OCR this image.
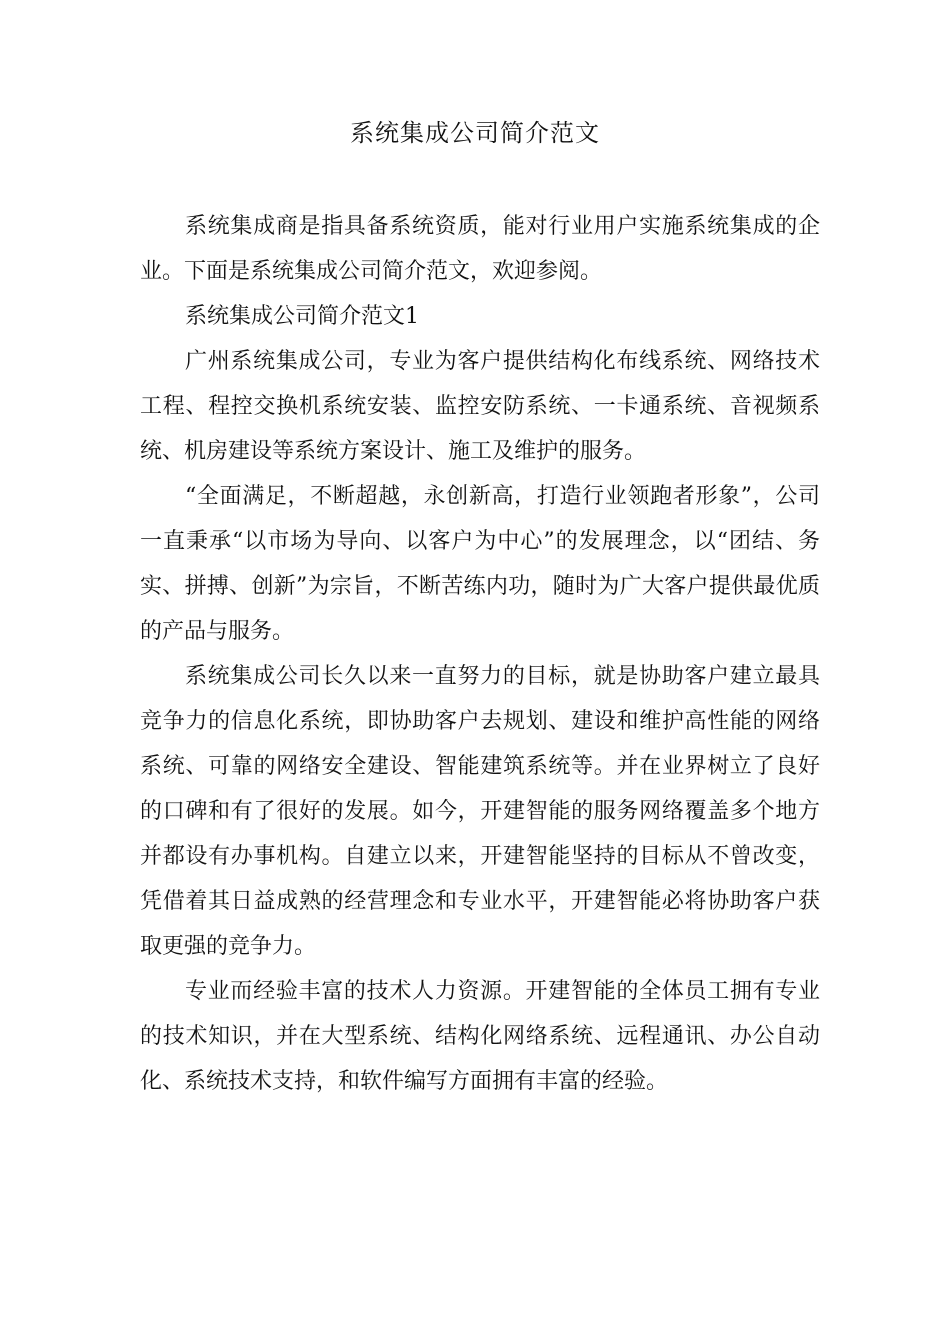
系统集成公司简介范文

系统集成商是指具备系统资质，能对行业用户实施系统集成的企业。下面是系统集成公司简介范文，欢迎参阅。

系统集成公司简介范文1

广州系统集成公司，专业为客户提供结构化布线系统、网络技术工程、程控交换机系统安装、监控安防系统、一卡通系统、音视频系统、机房建设等系统方案设计、施工及维护的服务。

“全面满足，不断超越，永创新高，打造行业领跑者形象”，公司一直秉承“以市场为导向、以客户为中心”的发展理念，以“团结、务实、拼搏、创新”为宗旨，不断苦练内功，随时为广大客户提供最优质的产品与服务。

系统集成公司长久以来一直努力的目标，就是协助客户建立最具竞争力的信息化系统，即协助客户去规划、建设和维护高性能的网络系统、可靠的网络安全建设、智能建筑系统等。并在业界树立了良好的口碑和有了很好的发展。如今，开建智能的服务网络覆盖多个地方并都设有办事机构。自建立以来，开建智能坚持的目标从不曾改变，凭借着其日益成熟的经营理念和专业水平，开建智能必将协助客户获取更强的竞争力。

专业而经验丰富的技术人力资源。开建智能的全体员工拥有专业的技术知识，并在大型系统、结构化网络系统、远程通讯、办公自动化、系统技术支持，和软件编写方面拥有丰富的经验。
